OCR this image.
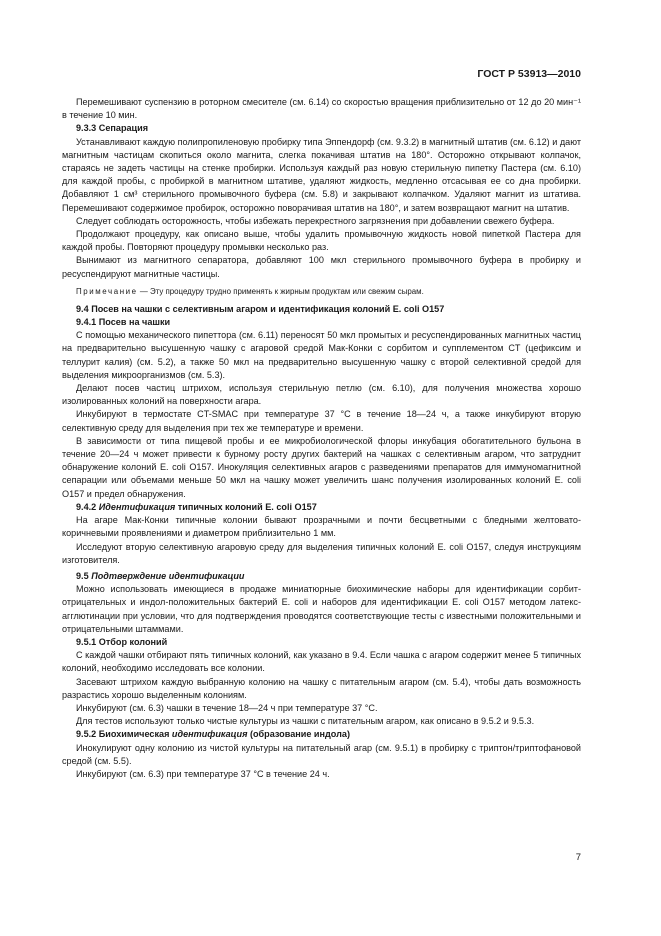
ГОСТ Р 53913—2010

Перемешивают суспензию в роторном смесителе (см. 6.14) со скоростью вращения приблизительно от 12 до 20 мин⁻¹ в течение 10 мин.

9.3.3 Сепарация

Устанавливают каждую полипропиленовую пробирку типа Эппендорф (см. 9.3.2) в магнитный штатив (см. 6.12) и дают магнитным частицам скопиться около магнита, слегка покачивая штатив на 180°. Осторожно открывают колпачок, стараясь не задеть частицы на стенке пробирки. Используя каждый раз новую стерильную пипетку Пастера (см. 6.10) для каждой пробы, с пробиркой в магнитном штативе, удаляют жидкость, медленно отсасывая ее со дна пробирки. Добавляют 1 см³ стерильного промывочного буфера (см. 5.8) и закрывают колпачком. Удаляют магнит из штатива. Перемешивают содержимое пробирок, осторожно поворачивая штатив на 180°, и затем возвращают магнит на штатив.

Следует соблюдать осторожность, чтобы избежать перекрестного загрязнения при добавлении свежего буфера.

Продолжают процедуру, как описано выше, чтобы удалить промывочную жидкость новой пипеткой Пастера для каждой пробы. Повторяют процедуру промывки несколько раз.

Вынимают из магнитного сепаратора, добавляют 100 мкл стерильного промывочного буфера в пробирку и ресуспендируют магнитные частицы.

Примечание — Эту процедуру трудно применять к жирным продуктам или свежим сырам.

9.4 Посев на чашки с селективным агаром и идентификация колоний E. coli O157

9.4.1 Посев на чашки

С помощью механического пипеттора (см. 6.11) переносят 50 мкл промытых и ресуспендированных магнитных частиц на предварительно высушенную чашку с агаровой средой Мак-Конки с сорбитом и супплементом CT (цефиксим и теллурит калия) (см. 5.2), а также 50 мкл на предварительно высушенную чашку с второй селективной средой для выделения микроорганизмов (см. 5.3).

Делают посев частиц штрихом, используя стерильную петлю (см. 6.10), для получения множества хорошо изолированных колоний на поверхности агара.

Инкубируют в термостате CT-SMAC при температуре 37 °C в течение 18—24 ч, а также инкубируют вторую селективную среду для выделения при тех же температуре и времени.

В зависимости от типа пищевой пробы и ее микробиологической флоры инкубация обогатительного бульона в течение 20—24 ч может привести к бурному росту других бактерий на чашках с селективным агаром, что затруднит обнаружение колоний E. coli O157. Инокуляция селективных агаров с разведениями препаратов для иммуномагнитной сепарации или объемами меньше 50 мкл на чашку может увеличить шанс получения изолированных колоний E. coli O157 и предел обнаружения.

9.4.2 Идентификация типичных колоний E. coli O157

На агаре Мак-Конки типичные колонии бывают прозрачными и почти бесцветными с бледными желтовато-коричневыми проявлениями и диаметром приблизительно 1 мм.

Исследуют вторую селективную агаровую среду для выделения типичных колоний E. coli O157, следуя инструкциям изготовителя.

9.5 Подтверждение идентификации

Можно использовать имеющиеся в продаже миниатюрные биохимические наборы для идентификации сорбит-отрицательных и индол-положительных бактерий E. coli и наборов для идентификации E. coli O157 методом латекс-агглютинации при условии, что для подтверждения проводятся соответствующие тесты с известными положительными и отрицательными штаммами.

9.5.1 Отбор колоний

С каждой чашки отбирают пять типичных колоний, как указано в 9.4. Если чашка с агаром содержит менее 5 типичных колоний, необходимо исследовать все колонии.

Засевают штрихом каждую выбранную колонию на чашку с питательным агаром (см. 5.4), чтобы дать возможность разрастись хорошо выделенным колониям.

Инкубируют (см. 6.3) чашки в течение 18—24 ч при температуре 37 °C.

Для тестов используют только чистые культуры из чашки с питательным агаром, как описано в 9.5.2 и 9.5.3.

9.5.2 Биохимическая идентификация (образование индола)

Инокулируют одну колонию из чистой культуры на питательный агар (см. 9.5.1) в пробирку с триптон/триптофановой средой (см. 5.5).

Инкубируют (см. 6.3) при температуре 37 °C в течение 24 ч.

7
